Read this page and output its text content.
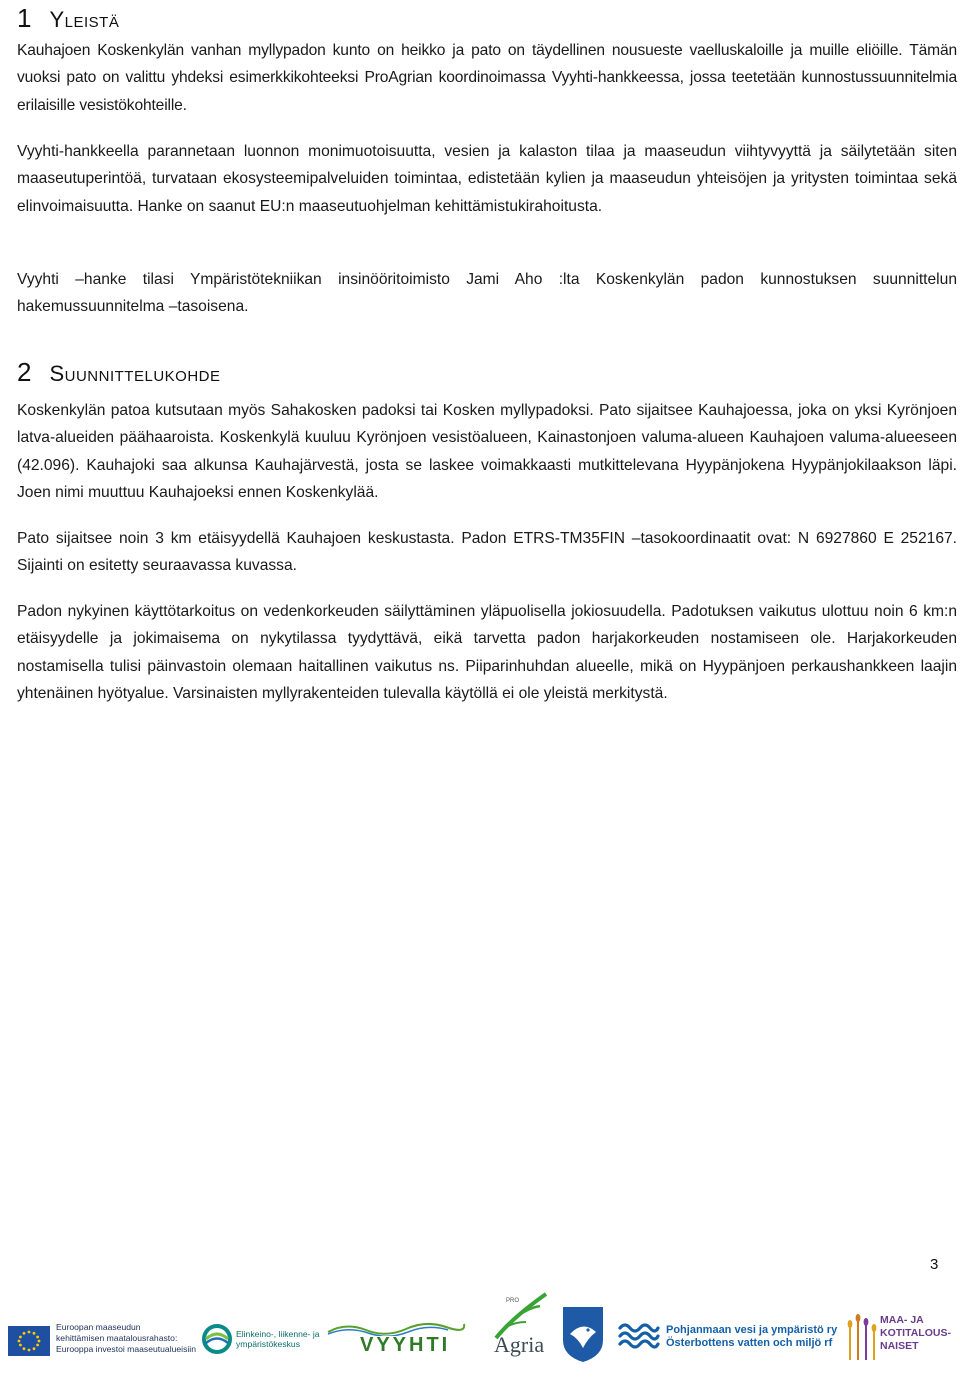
1 Yleistä

Kauhajoen Koskenkylän vanhan myllypadon kunto on heikko ja pato on täydellinen nousueste vaelluskaloille ja muille eliöille. Tämän vuoksi pato on valittu yhdeksi esimerkkikohteeksi ProAgrian koordinoimassa Vyyhti-hankkeessa, jossa teetetään kunnostussuunnitelmia erilaisille vesistökohteille.

Vyyhti-hankkeella parannetaan luonnon monimuotoisuutta, vesien ja kalaston tilaa ja maaseudun viihtyvyyttä ja säilytetään siten maaseutuperintöä, turvataan ekosysteemipalveluiden toimintaa, edistetään kylien ja maaseudun yhteisöjen ja yritysten toimintaa sekä elinvoimaisuutta. Hanke on saanut EU:n maaseutuohjelman kehittämistukirahoitusta.

Vyyhti –hanke tilasi Ympäristötekniikan insinööritoimisto Jami Aho :lta Koskenkylän padon kunnostuksen suunnittelun hakemussuunnitelma –tasoisena.

2 Suunnittelukohde

Koskenkylän patoa kutsutaan myös Sahakosken padoksi tai Kosken myllypadoksi. Pato sijaitsee Kauhajoessa, joka on yksi Kyrönjoen latva-alueiden päähaaroista. Koskenkylä kuuluu Kyrönjoen vesistöalueen, Kainastonjoen valuma-alueen Kauhajoen valuma-alueeseen (42.096). Kauhajoki saa alkunsa Kauhajärvestä, josta se laskee voimakkaasti mutkittelevana Hyypänjokena Hyypänjokilaakson läpi. Joen nimi muuttuu Kauhajoeksi ennen Koskenkylää.

Pato sijaitsee noin 3 km etäisyydellä Kauhajoen keskustasta. Padon ETRS-TM35FIN –tasokoordinaatit ovat: N 6927860 E 252167. Sijainti on esitetty seuraavassa kuvassa.

Padon nykyinen käyttötarkoitus on vedenkorkeuden säilyttäminen yläpuolisella jokiosuudella. Padotuksen vaikutus ulottuu noin 6 km:n etäisyydelle ja jokimaisema on nykytilassa tyydyttävä, eikä tarvetta padon harjakorkeuden nostamiseen ole. Harjakorkeuden nostamisella tulisi päinvastoin olemaan haitallinen vaikutus ns. Piiparinhuhdan alueelle, mikä on Hyypänjoen perkaushankkeen laajin yhtenäinen hyötyalue. Varsinaisten myllyrakenteiden tulevalla käytöllä ei ole yleistä merkitystä.

3
Euroopan maaseudun
kehittämisen maatalousrahasto:
Eurooppa investoi maaseutualueisiin
Elinkeino-, liikenne- ja
ympäristökeskus	VYYHTI
PRO
Agria
Pohjanmaan vesi ja ympäristö ry
Österbottens vatten och miljö rf
MAA- JA
KOTITALOUS-
NAISET
